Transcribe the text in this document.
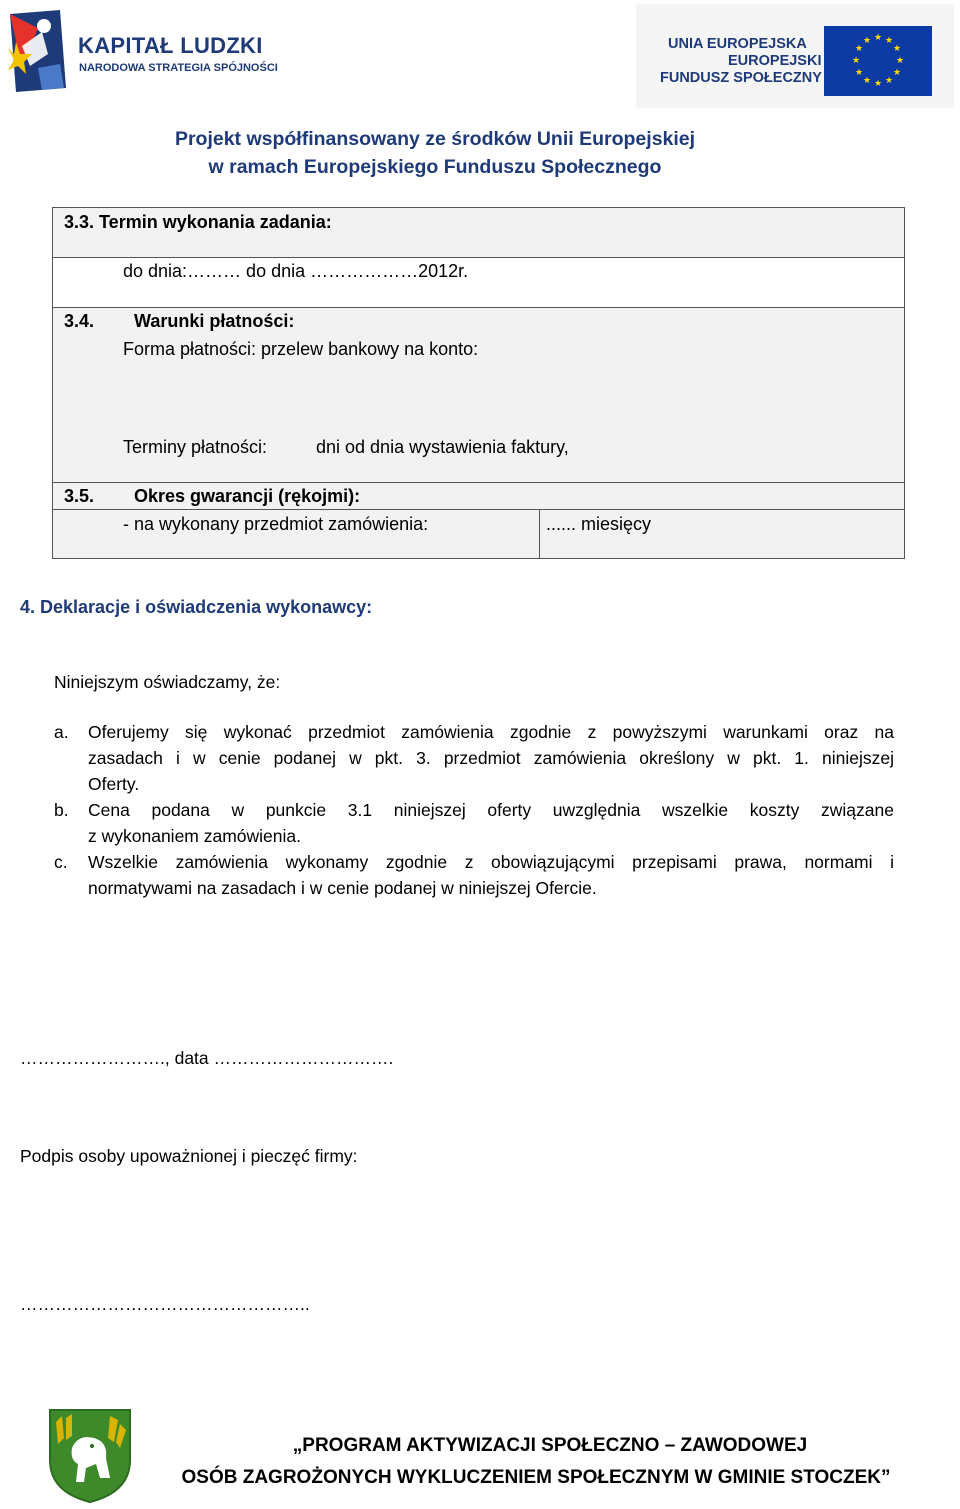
KAPITAŁ LUDZKI
NARODOWA STRATEGIA SPÓJNOŚCI
UNIA EUROPEJSKA
EUROPEJSKI
FUNDUSZ SPOŁECZNY
★ ★
★
★
★
★
★
★
★
★
★
★
Projekt współfinansowany ze środków Unii Europejskiej
w ramach Europejskiego Funduszu Społecznego
3.3. Termin wykonania zadania:
do dnia:……… do dnia ………………2012r.
3.4. Warunki płatności:
Forma płatności: przelew bankowy na konto:
Terminy płatności:	dni od dnia wystawienia faktury,
3.5. Okres gwarancji (rękojmi):
- na wykonany przedmiot zamówienia:	...... miesięcy
4. Deklaracje i oświadczenia wykonawcy:
Niniejszym oświadczamy, że:
a. Oferujemy się wykonać przedmiot zamówienia zgodnie z powyższymi warunkami oraz na
zasadach i w cenie podanej w pkt. 3. przedmiot zamówienia określony w pkt. 1. niniejszej
Oferty.
b. Cena podana w punkcie 3.1 niniejszej oferty uwzględnia wszelkie koszty związane
z wykonaniem zamówienia.
c. Wszelkie zamówienia wykonamy zgodnie z obowiązującymi przepisami prawa, normami i
normatywami na zasadach i w cenie podanej w niniejszej Ofercie.
……………………., data ………………………….
Podpis osoby upoważnionej i pieczęć firmy:
…………………………………………..
„PROGRAM AKTYWIZACJI SPOŁECZNO – ZAWODOWEJ
OSÓB ZAGROŻONYCH WYKLUCZENIEM SPOŁECZNYM W GMINIE STOCZEK”
